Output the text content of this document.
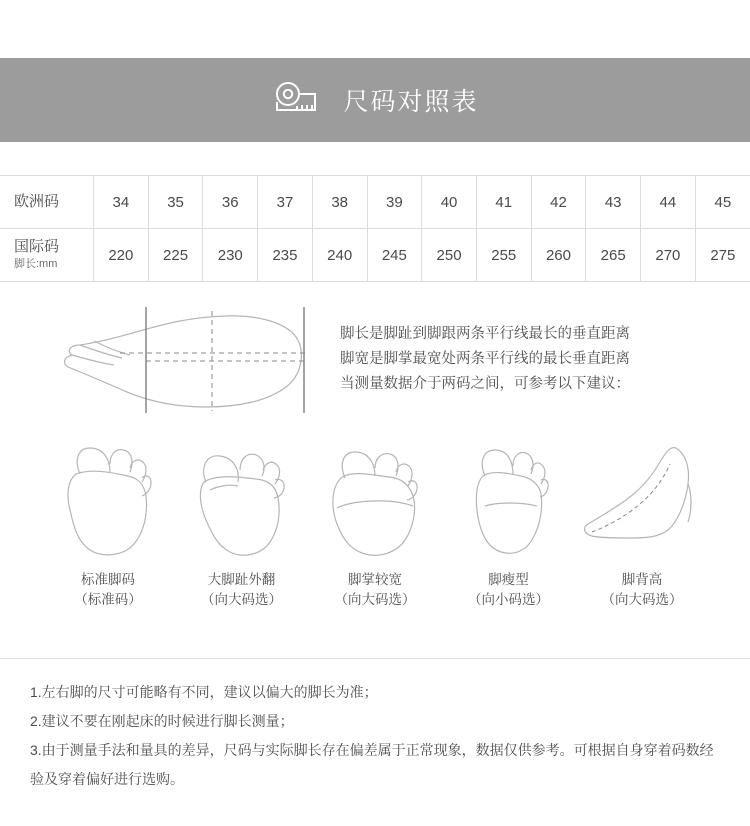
尺码对照表
欧洲码	34	35	36	37	38	39	40	41	42	43	44	45
国际码
脚长:mm	220	225	230	235	240	245	250	255	260	265	270	275
脚长是脚趾到脚跟两条平行线最长的垂直距离
脚宽是脚掌最宽处两条平行线的最长垂直距离
当测量数据介于两码之间，可参考以下建议：
标准脚码
（标准码）
大脚趾外翻
（向大码选）
脚掌较宽
（向大码选）
脚瘦型
（向小码选）
脚背高
（向大码选）

1.左右脚的尺寸可能略有不同，建议以偏大的脚长为准；

2.建议不要在刚起床的时候进行脚长测量；

3.由于测量手法和量具的差异，尺码与实际脚长存在偏差属于正常现象，数据仅供参考。可根据自身穿着码数经验及穿着偏好进行选购。
